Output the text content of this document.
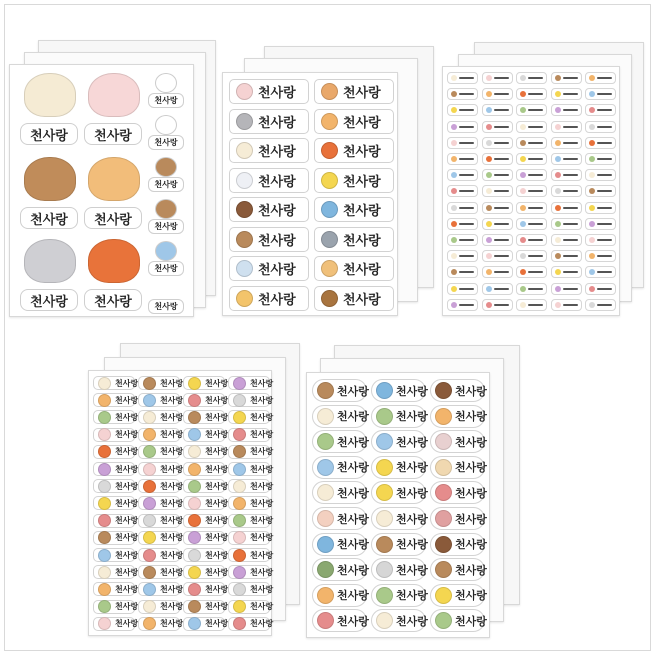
천사랑	천사랑
천사랑	천사랑
천사랑	천사랑
천사랑
천사랑
천사랑
천사랑
천사랑
천사랑
천사랑	천사랑
천사랑	천사랑
천사랑	천사랑
천사랑	천사랑
천사랑	천사랑
천사랑	천사랑
천사랑	천사랑
천사랑	천사랑
천사랑	천사랑	천사랑	천사랑
천사랑	천사랑	천사랑	천사랑
천사랑	천사랑	천사랑	천사랑
천사랑	천사랑	천사랑	천사랑
천사랑	천사랑	천사랑	천사랑
천사랑	천사랑	천사랑	천사랑
천사랑	천사랑	천사랑	천사랑
천사랑	천사랑	천사랑	천사랑
천사랑	천사랑	천사랑	천사랑
천사랑	천사랑	천사랑	천사랑
천사랑	천사랑	천사랑	천사랑
천사랑	천사랑	천사랑	천사랑
천사랑	천사랑	천사랑	천사랑
천사랑	천사랑	천사랑	천사랑
천사랑	천사랑	천사랑	천사랑
천사랑 천사랑 천사랑
천사랑 천사랑 천사랑
천사랑 천사랑 천사랑
천사랑 천사랑 천사랑
천사랑 천사랑 천사랑
천사랑 천사랑 천사랑
천사랑 천사랑 천사랑
천사랑 천사랑 천사랑
천사랑 천사랑 천사랑
천사랑 천사랑 천사랑
